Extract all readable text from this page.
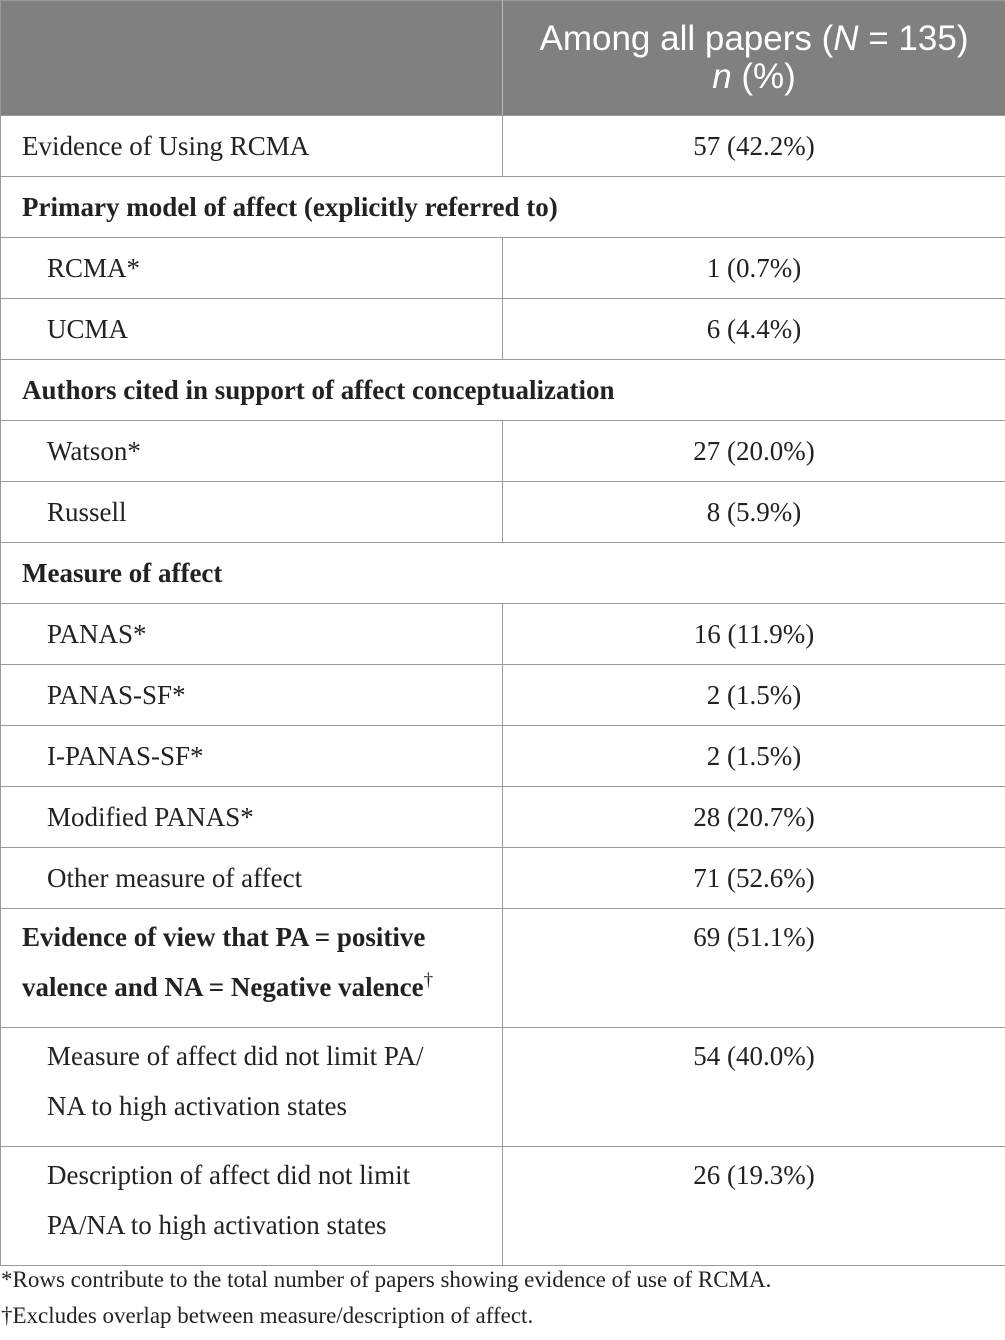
	Among all papers (N = 135)
n (%)

Evidence of Using RCMA	57 (42.2%)
Primary model of affect (explicitly referred to)	
RCMA*	1 (0.7%)
UCMA	6 (4.4%)
Authors cited in support of affect conceptualization	
Watson*	27 (20.0%)
Russell	8 (5.9%)
Measure of affect	
PANAS*	16 (11.9%)
PANAS-SF*	2 (1.5%)
I-PANAS-SF*	2 (1.5%)
Modified PANAS*	28 (20.7%)
Other measure of affect	71 (52.6%)

Evidence of view that PA = positive
valence and NA = Negative valence†	69 (51.1%)

Measure of affect did not limit PA/
NA to high activation states	54 (40.0%)

Description of affect did not limit
PA/NA to high activation states	26 (19.3%)
*Rows contribute to the total number of papers showing evidence of use of RCMA.
†Excludes overlap between measure/description of affect.
